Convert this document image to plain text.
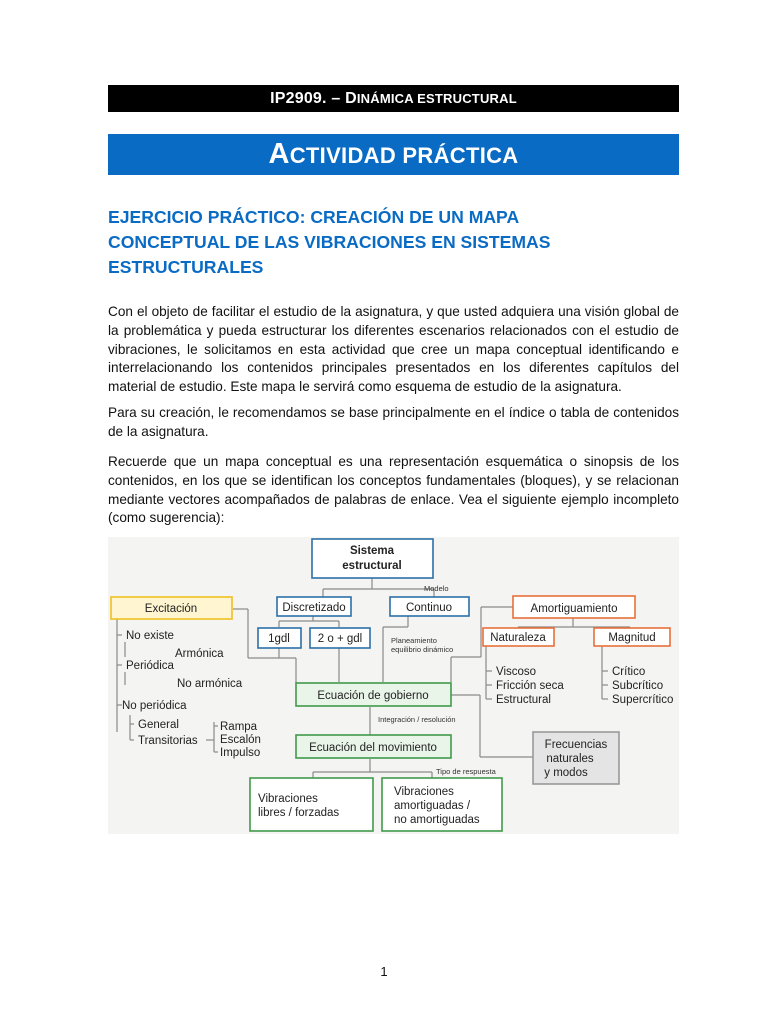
IP2909. – DINÁMICA ESTRUCTURAL
ACTIVIDAD PRÁCTICA
EJERCICIO PRÁCTICO: CREACIÓN DE UN MAPA
CONCEPTUAL DE LAS VIBRACIONES EN SISTEMAS
ESTRUCTURALES

Con el objeto de facilitar el estudio de la asignatura, y que usted adquiera una visión global de la problemática y pueda estructurar los diferentes escenarios relacionados con el estudio de vibraciones, le solicitamos en esta actividad que cree un mapa conceptual identificando e interrelacionando los contenidos principales presentados en los diferentes capítulos del material de estudio. Este mapa le servirá como esquema de estudio de la asignatura.

Para su creación, le recomendamos se base principalmente en el índice o tabla de contenidos de la asignatura.

Recuerde que un mapa conceptual es una representación esquemática o sinopsis de los contenidos, en los que se identifican los conceptos fundamentales (bloques), y se relacionan mediante vectores acompañados de palabras de enlace. Vea el siguiente ejemplo incompleto (como sugerencia):

Sistema
estructural
Excitación	Discretizado	Continuo	Amortiguamiento
1gdl 2 o + gdl	Naturaleza	Magnitud
No existe
Armónica
Periódica
No armónica
No periódica
General
Transitorias
Rampa
Escalón
Impulso
Viscoso
Fricción seca
Estructural
Crítico
Subcrítico
Supercrítico
Ecuación de gobierno
Ecuación del movimiento	Frecuencias
naturales
y modos
Vibraciones
libres / forzadas
Vibraciones
amortiguadas /
no amortiguadas
Modelo
Planeamiento
equilibrio dinámico
Integración / resolución
Tipo de respuesta
1
